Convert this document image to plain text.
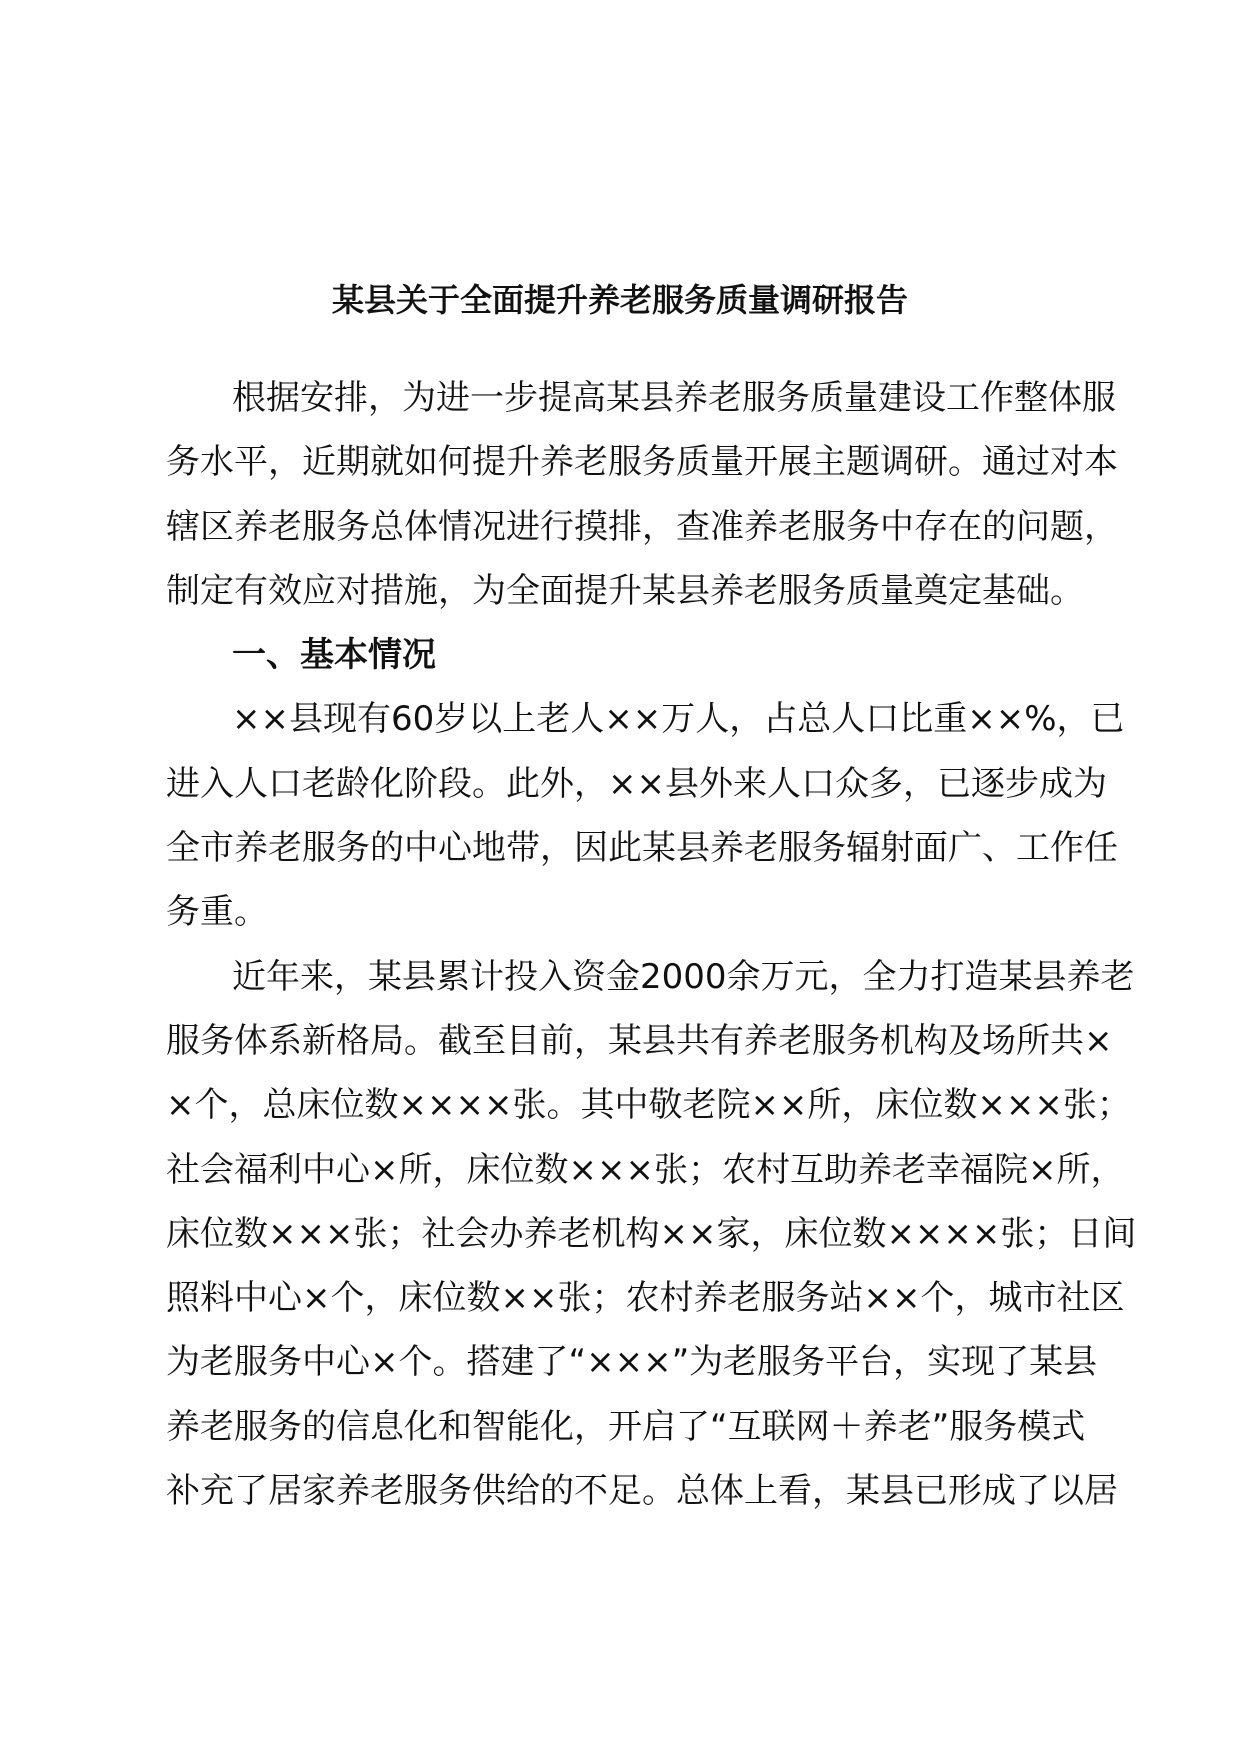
某县关于全面提升养老服务质量调研报告
根据安排，为进一步提高某县养老服务质量建设工作整体服
务水平，近期就如何提升养老服务质量开展主题调研。通过对本
辖区养老服务总体情况进行摸排，查准养老服务中存在的问题，
制定有效应对措施，为全面提升某县养老服务质量奠定基础。
一、基本情况
××县现有60岁以上老人××万人，占总人口比重××%，已
进入人口老龄化阶段。此外，××县外来人口众多，已逐步成为
全市养老服务的中心地带，因此某县养老服务辐射面广、工作任
务重。
近年来，某县累计投入资金2000余万元，全力打造某县养老
服务体系新格局。截至目前，某县共有养老服务机构及场所共×
×个，总床位数××××张。其中敬老院××所，床位数×××张；
社会福利中心×所，床位数×××张；农村互助养老幸福院×所，
床位数×××张；社会办养老机构××家，床位数××××张；日间
照料中心×个，床位数××张；农村养老服务站××个，城市社区
为老服务中心×个。搭建了“×××”为老服务平台，实现了某县
养老服务的信息化和智能化，开启了“互联网＋养老”服务模式
补充了居家养老服务供给的不足。总体上看，某县已形成了以居
